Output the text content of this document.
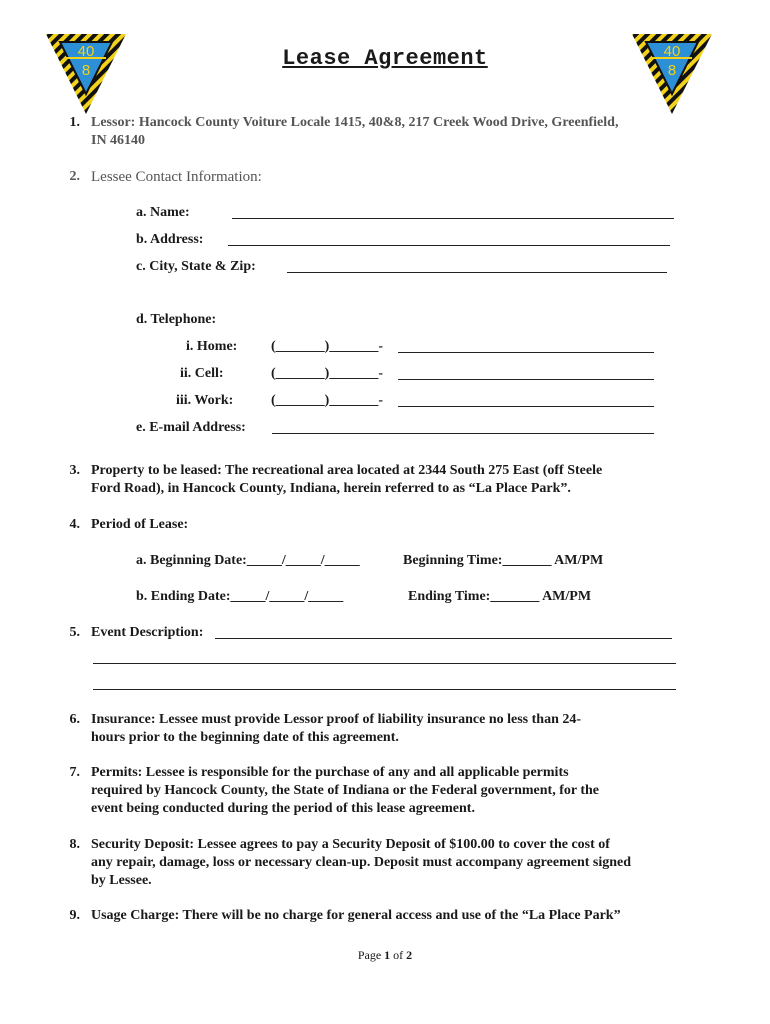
40
8
40
8
Lease Agreement
1. Lessor: Hancock County Voiture Locale 1415, 40&8, 217 Creek Wood Drive, Greenfield,
IN 46140
2. Lessee Contact Information:
a. Name:
b. Address:
c. City, State & Zip:
d. Telephone:
i. Home: (_______)_______-
ii. Cell:	(_______)_______-
iii. Work:	(_______)_______-
e. E-mail Address:
3. Property to be leased: The recreational area located at 2344 South 275 East (off Steele
Ford Road), in Hancock County, Indiana, herein referred to as “La Place Park”.
4. Period of Lease:
a. Beginning Date:_____/_____/_____	Beginning Time:_______ AM/PM
b. Ending Date:_____/_____/_____	Ending Time:_______ AM/PM
5. Event Description:
6. Insurance: Lessee must provide Lessor proof of liability insurance no less than 24-
hours prior to the beginning date of this agreement.
7. Permits: Lessee is responsible for the purchase of any and all applicable permits
required by Hancock County, the State of Indiana or the Federal government, for the
event being conducted during the period of this lease agreement.
8. Security Deposit: Lessee agrees to pay a Security Deposit of $100.00 to cover the cost of
any repair, damage, loss or necessary clean-up. Deposit must accompany agreement signed
by Lessee.
9. Usage Charge: There will be no charge for general access and use of the “La Place Park”
Page 1 of 2
